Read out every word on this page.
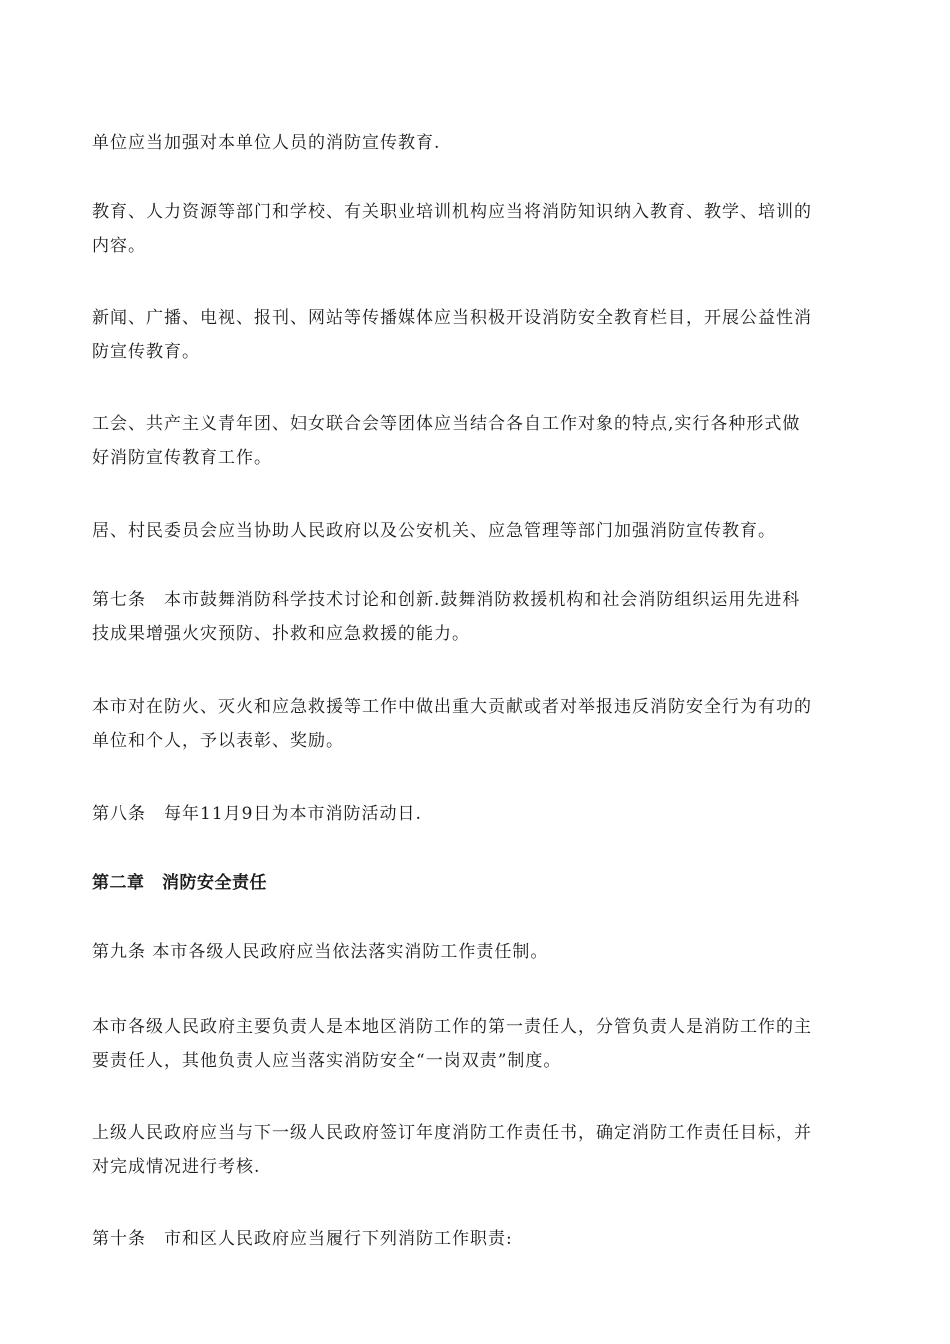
单位应当加强对本单位人员的消防宣传教育.

教育、人力资源等部门和学校、有关职业培训机构应当将消防知识纳入教育、教学、培训的
内容。

新闻、广播、电视、报刊、网站等传播媒体应当积极开设消防安全教育栏目，开展公益性消
防宣传教育。

工会、共产主义青年团、妇女联合会等团体应当结合各自工作对象的特点,实行各种形式做
好消防宣传教育工作。

居、村民委员会应当协助人民政府以及公安机关、应急管理等部门加强消防宣传教育。

第七条　本市鼓舞消防科学技术讨论和创新.鼓舞消防救援机构和社会消防组织运用先进科
技成果增强火灾预防、扑救和应急救援的能力。

本市对在防火、灭火和应急救援等工作中做出重大贡献或者对举报违反消防安全行为有功的
单位和个人，予以表彰、奖励。

第八条　每年11月9日为本市消防活动日.

第二章　消防安全责任

第九条 本市各级人民政府应当依法落实消防工作责任制。

本市各级人民政府主要负责人是本地区消防工作的第一责任人，分管负责人是消防工作的主
要责任人，其他负责人应当落实消防安全“一岗双责”制度。

上级人民政府应当与下一级人民政府签订年度消防工作责任书，确定消防工作责任目标，并
对完成情况进行考核.

第十条　市和区人民政府应当履行下列消防工作职责:
